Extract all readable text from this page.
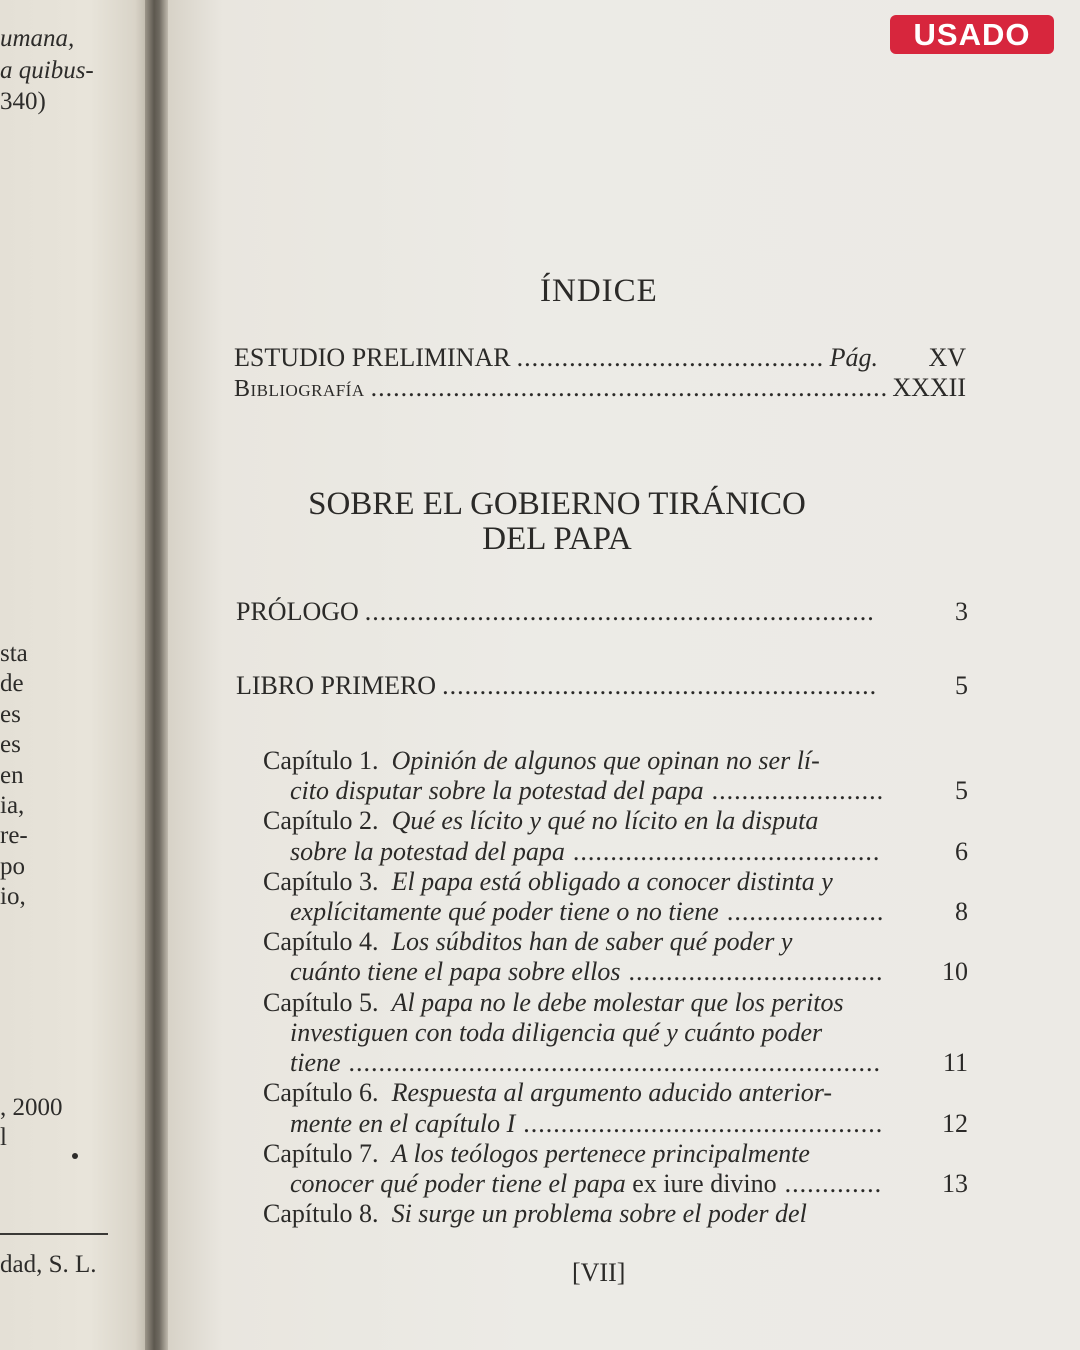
umana,
a quibus-
340)
sta
de
es
es
en
ia,
re-
po
io,
, 2000
l
dad, S. L.
USADO
ÍNDICE
ESTUDIO PRELIMINAR .....	Pág.	XV
Bibliografía .....	XXXII
SOBRE EL GOBIERNO TIRÁNICO
DEL PAPA
PRÓLOGO .....	3
LIBRO PRIMERO .....	5
Capítulo 1. Opinión de algunos que opinan no ser lí-
cito disputar sobre la potestad del papa .....	5
Capítulo 2. Qué es lícito y qué no lícito en la disputa
sobre la potestad del papa .....	6
Capítulo 3. El papa está obligado a conocer distinta y
explícitamente qué poder tiene o no tiene .....	8
Capítulo 4. Los súbditos han de saber qué poder y
cuánto tiene el papa sobre ellos .....	10
Capítulo 5. Al papa no le debe molestar que los peritos
investiguen con toda diligencia qué y cuánto poder
tiene .....	11
Capítulo 6. Respuesta al argumento aducido anterior-
mente en el capítulo I .....	12
Capítulo 7. A los teólogos pertenece principalmente
conocer qué poder tiene el papa ex iure divino .....	13
Capítulo 8. Si surge un problema sobre el poder del
[VII]
